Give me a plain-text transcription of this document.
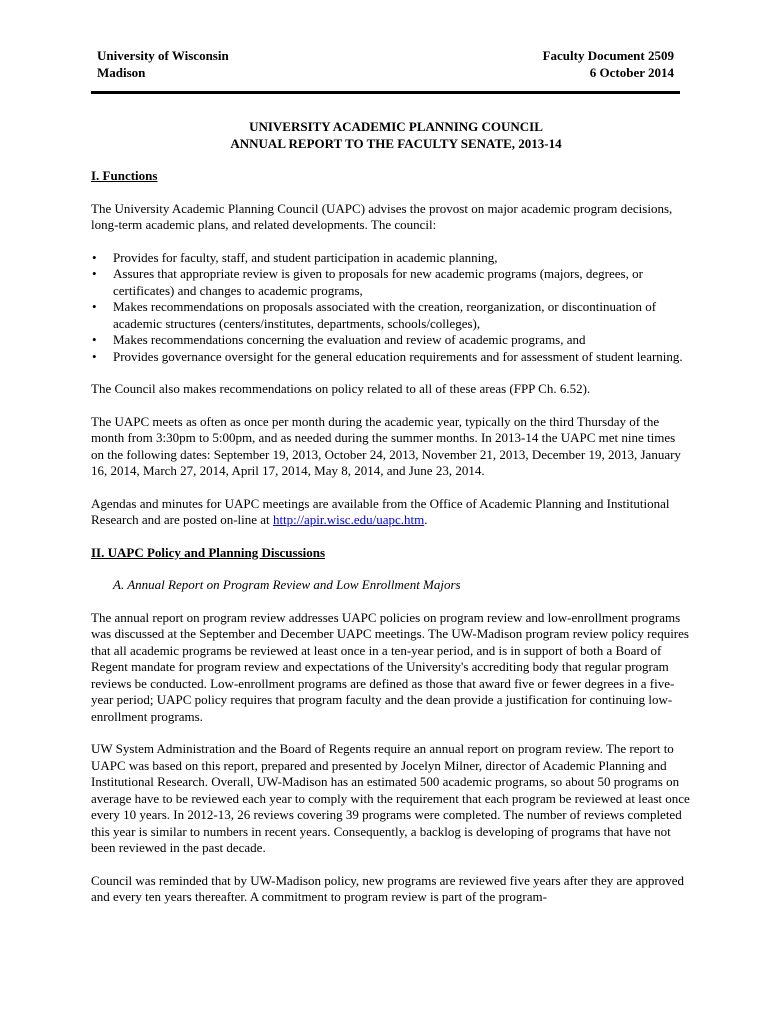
University of Wisconsin
Madison
Faculty Document 2509
6 October 2014
UNIVERSITY ACADEMIC PLANNING COUNCIL
ANNUAL REPORT TO THE FACULTY SENATE, 2013-14
I. Functions

The University Academic Planning Council (UAPC) advises the provost on major academic program decisions, long-term academic plans, and related developments. The council:

• Provides for faculty, staff, and student participation in academic planning,
• Assures that appropriate review is given to proposals for new academic programs (majors, degrees, or certificates) and changes to academic programs,
• Makes recommendations on proposals associated with the creation, reorganization, or discontinuation of academic structures (centers/institutes, departments, schools/colleges),
• Makes recommendations concerning the evaluation and review of academic programs, and
• Provides governance oversight for the general education requirements and for assessment of student learning.

The Council also makes recommendations on policy related to all of these areas (FPP Ch. 6.52).

The UAPC meets as often as once per month during the academic year, typically on the third Thursday of the month from 3:30pm to 5:00pm, and as needed during the summer months. In 2013-14 the UAPC met nine times on the following dates: September 19, 2013, October 24, 2013, November 21, 2013, December 19, 2013, January 16, 2014, March 27, 2014, April 17, 2014, May 8, 2014, and June 23, 2014.

Agendas and minutes for UAPC meetings are available from the Office of Academic Planning and Institutional Research and are posted on-line at http://apir.wisc.edu/uapc.htm.

II. UAPC Policy and Planning Discussions
A. Annual Report on Program Review and Low Enrollment Majors

The annual report on program review addresses UAPC policies on program review and low-enrollment programs was discussed at the September and December UAPC meetings. The UW-Madison program review policy requires that all academic programs be reviewed at least once in a ten-year period, and is in support of both a Board of Regent mandate for program review and expectations of the University's accrediting body that regular program reviews be conducted. Low-enrollment programs are defined as those that award five or fewer degrees in a five-year period; UAPC policy requires that program faculty and the dean provide a justification for continuing low-enrollment programs.

UW System Administration and the Board of Regents require an annual report on program review. The report to UAPC was based on this report, prepared and presented by Jocelyn Milner, director of Academic Planning and Institutional Research. Overall, UW-Madison has an estimated 500 academic programs, so about 50 programs on average have to be reviewed each year to comply with the requirement that each program be reviewed at least once every 10 years. In 2012-13, 26 reviews covering 39 programs were completed. The number of reviews completed this year is similar to numbers in recent years. Consequently, a backlog is developing of programs that have not been reviewed in the past decade.

Council was reminded that by UW-Madison policy, new programs are reviewed five years after they are approved and every ten years thereafter. A commitment to program review is part of the program-
